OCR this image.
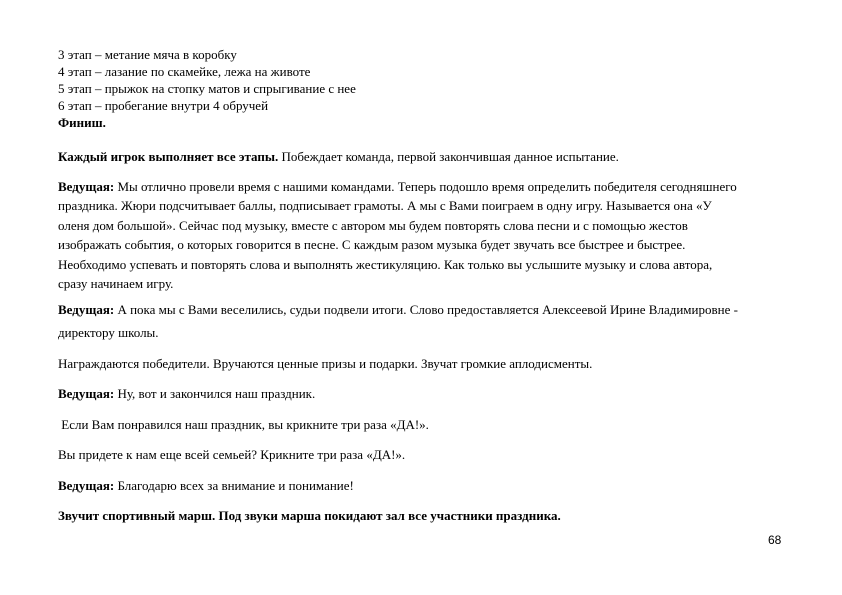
3 этап – метание мяча в коробку
4 этап – лазание по скамейке, лежа на животе
5 этап – прыжок на стопку матов и спрыгивание с нее
6 этап – пробегание внутри 4 обручей
Финиш.

Каждый игрок выполняет все этапы. Побеждает команда, первой закончившая данное испытание.

Ведущая: Мы отлично провели время с нашими командами. Теперь подошло время определить победителя сегодняшнего
праздника. Жюри подсчитывает баллы, подписывает грамоты. А мы с Вами поиграем в одну игру. Называется она «У
оленя дом большой». Сейчас под музыку, вместе с автором мы будем повторять слова песни и с помощью жестов
изображать события, о которых говорится в песне. С каждым разом музыка будет звучать все быстрее и быстрее.
Необходимо успевать и повторять слова и выполнять жестикуляцию. Как только вы услышите музыку и слова автора,
сразу начинаем игру.
Ведущая: А пока мы с Вами веселились, судьи подвели итоги. Слово предоставляется Алексеевой Ирине Владимировне -
директору школы.

Награждаются победители. Вручаются ценные призы и подарки. Звучат громкие аплодисменты.

Ведущая: Ну, вот и закончился наш праздник.

Если Вам понравился наш праздник, вы крикните три раза «ДА!».

Вы придете к нам еще всей семьей? Крикните три раза «ДА!».

Ведущая: Благодарю всех за внимание и понимание!

Звучит спортивный марш. Под звуки марша покидают зал все участники праздника.

68
